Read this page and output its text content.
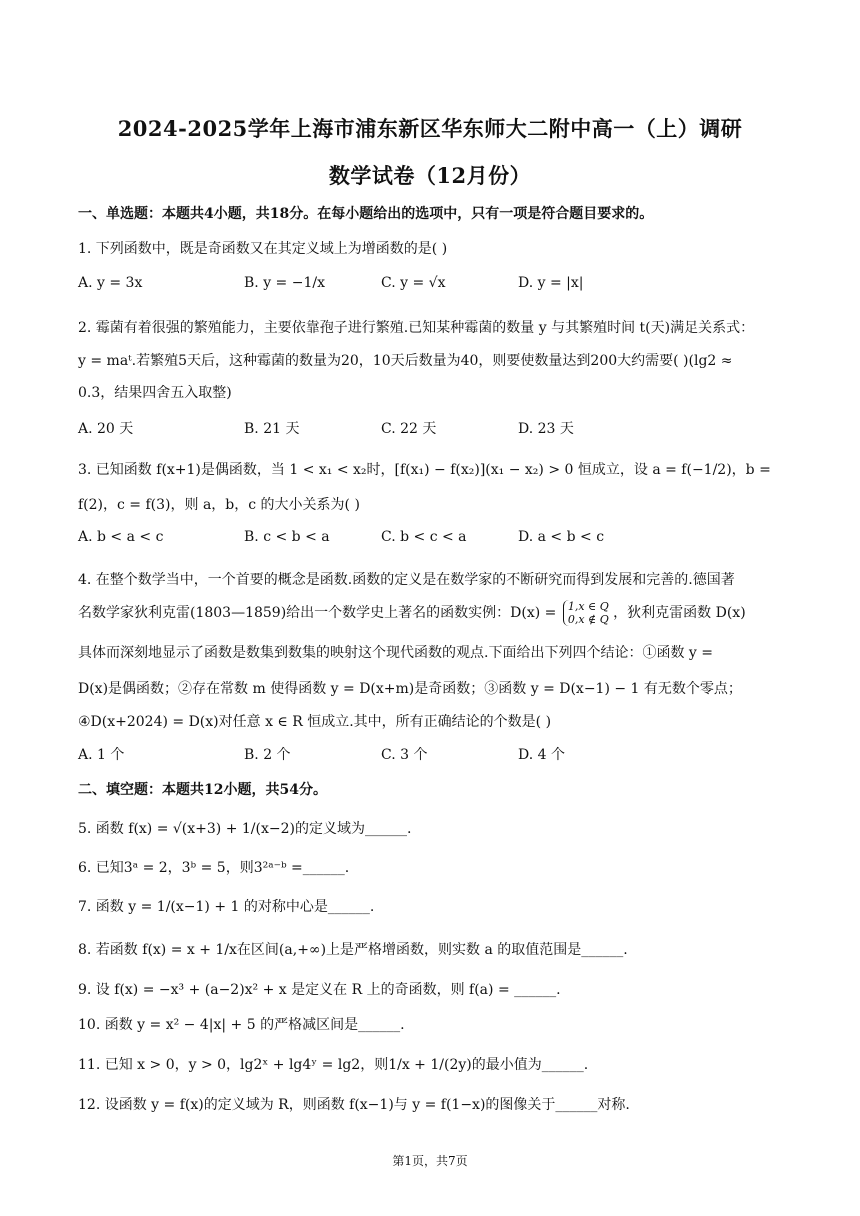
2024-2025学年上海市浦东新区华东师大二附中高一（上）调研
数学试卷（12月份）
一、单选题：本题共4小题，共18分。在每小题给出的选项中，只有一项是符合题目要求的。
1. 下列函数中，既是奇函数又在其定义域上为增函数的是( )
A. y = 3x	B. y = −1/x	C. y = √x	D. y = |x|
2. 霉菌有着很强的繁殖能力，主要依靠孢子进行繁殖.已知某种霉菌的数量 y 与其繁殖时间 t(天)满足关系式：
y = maᵗ.若繁殖5天后，这种霉菌的数量为20，10天后数量为40，则要使数量达到200大约需要( )(lg2 ≈
0.3，结果四舍五入取整)
A. 20 天	B. 21 天	C. 22 天	D. 23 天
3. 已知函数 f(x+1)是偶函数，当 1 < x₁ < x₂时，[f(x₁) − f(x₂)](x₁ − x₂) > 0 恒成立，设 a = f(−1/2)，b =
f(2)，c = f(3)，则 a，b，c 的大小关系为( )
A. b < a < c	B. c < b < a	C. b < c < a	D. a < b < c
4. 在整个数学当中，一个首要的概念是函数.函数的定义是在数学家的不断研究而得到发展和完善的.德国著
名数学家狄利克雷(1803—1859)给出一个数学史上著名的函数实例：D(x) = 1,x ∈ Q
0,x ∉ Q ，狄利克雷函数 D(x)
具体而深刻地显示了函数是数集到数集的映射这个现代函数的观点.下面给出下列四个结论：①函数 y =
D(x)是偶函数；②存在常数 m 使得函数 y = D(x+m)是奇函数；③函数 y = D(x−1) − 1 有无数个零点；
④D(x+2024) = D(x)对任意 x ∈ R 恒成立.其中，所有正确结论的个数是( )
A. 1 个	B. 2 个	C. 3 个	D. 4 个
二、填空题：本题共12小题，共54分。
5. 函数 f(x) = √(x+3) + 1/(x−2)的定义域为______.
6. 已知3ᵃ = 2，3ᵇ = 5，则3²ᵃ⁻ᵇ =______.
7. 函数 y = 1/(x−1) + 1 的对称中心是______.
8. 若函数 f(x) = x + 1/x在区间(a,+∞)上是严格增函数，则实数 a 的取值范围是______.
9. 设 f(x) = −x³ + (a−2)x² + x 是定义在 R 上的奇函数，则 f(a) = ______.
10. 函数 y = x² − 4|x| + 5 的严格减区间是______.
11. 已知 x > 0，y > 0，lg2ˣ + lg4ʸ = lg2，则1/x + 1/(2y)的最小值为______.
12. 设函数 y = f(x)的定义域为 R，则函数 f(x−1)与 y = f(1−x)的图像关于______对称.
第1页，共7页
